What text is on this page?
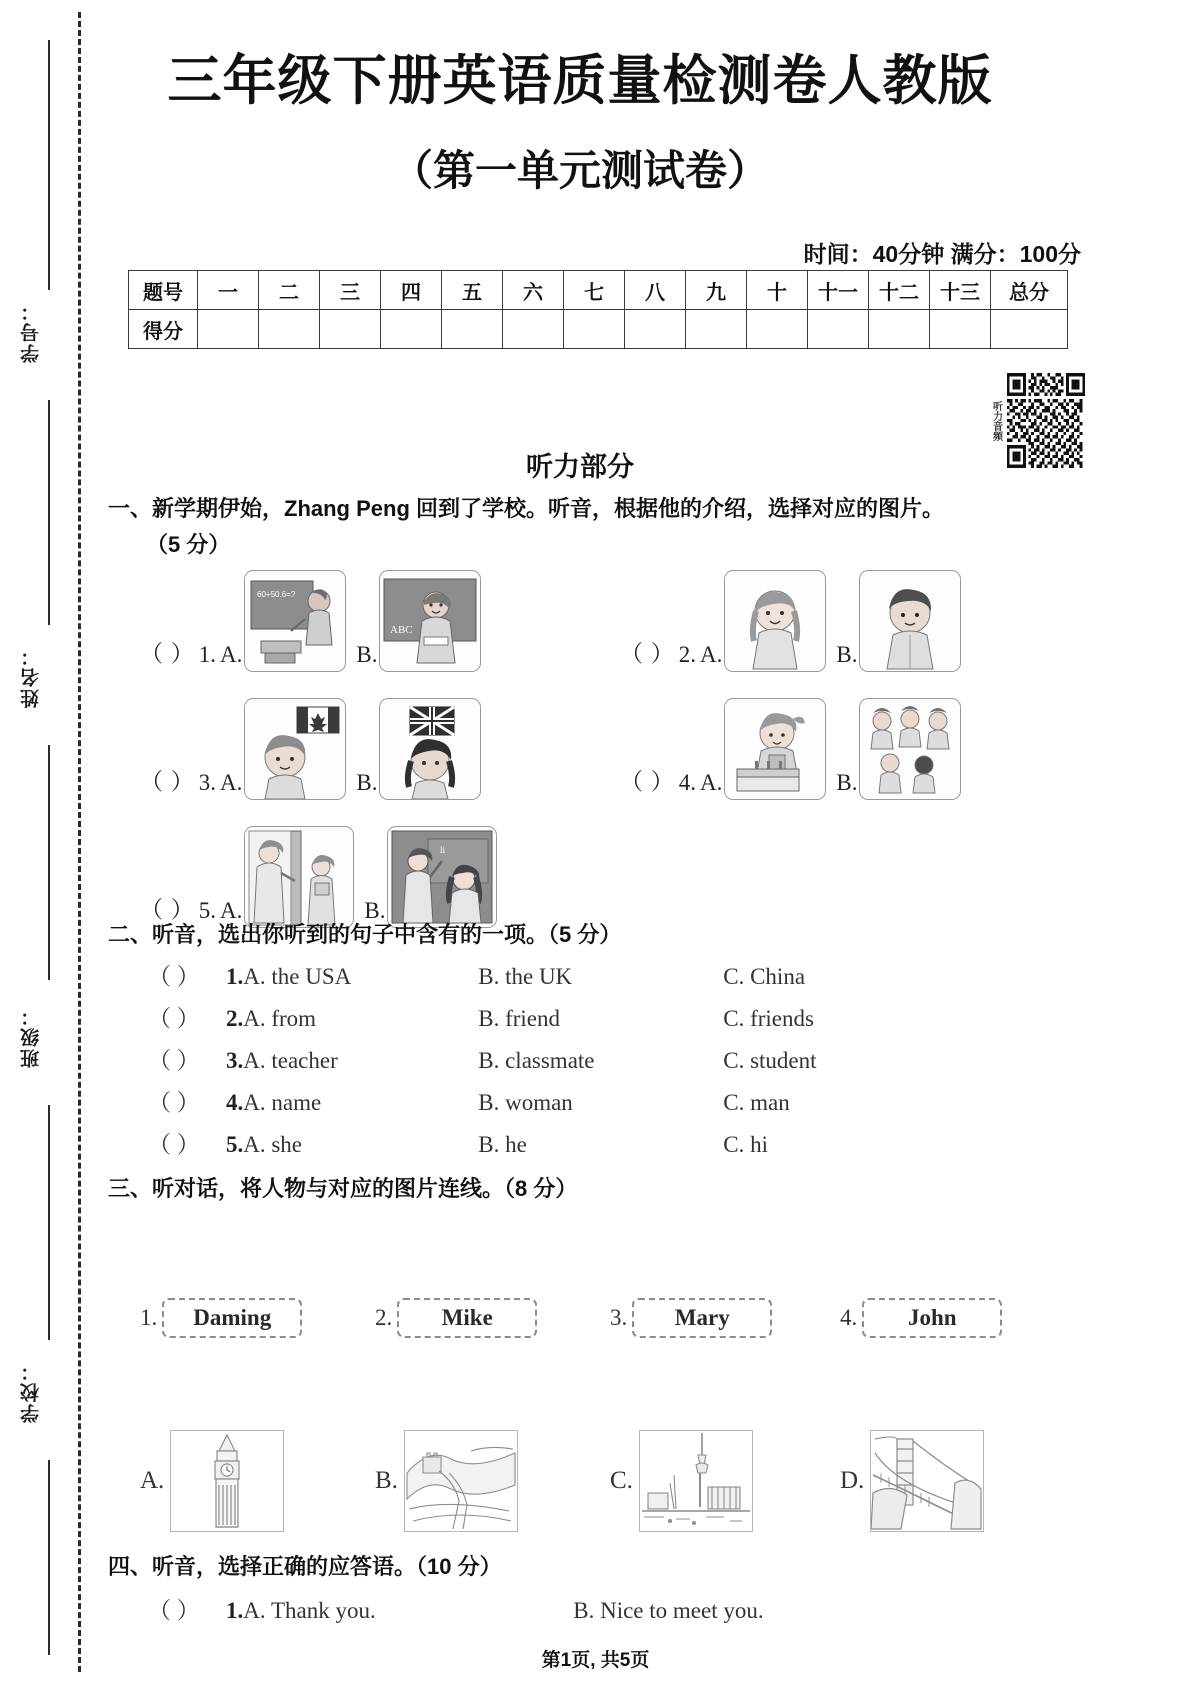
学号：
姓名：
班级：
学校：
三年级下册英语质量检测卷人教版
（第一单元测试卷）
时间：40分钟 满分：100分
题号	一	二	三	四	五	六	七	八	九	十	十一	十二	十三	总分
得分														
听力音频
听力部分
一、新学期伊始，Zhang Peng 回到了学校。听音，根据他的介绍，选择对应的图片。
（5 分）
（ ） 1. A.
60+50.6=?
B.
ABC
（ ） 2. A.	B.
（ ） 3. A.	B.	（ ） 4. A.	B.
（ ） 5. A.	B.
li
二、听音，选出你听到的句子中含有的一项。（5 分）
（ ） 1.A. the USA	B. the UK	C. China
（ ） 2.A. from	B. friend	C. friends
（ ） 3.A. teacher	B. classmate	C. student
（ ） 4.A. name	B. woman	C. man
（ ） 5.A. she	B. he	C. hi
三、听对话，将人物与对应的图片连线。（8 分）
1.	Daming	2.	Mike	3.	Mary	4.	John
A.	B.	C.	D.
四、听音，选择正确的应答语。（10 分）
（ ） 1.A. Thank you.	B. Nice to meet you.
第1页, 共5页
